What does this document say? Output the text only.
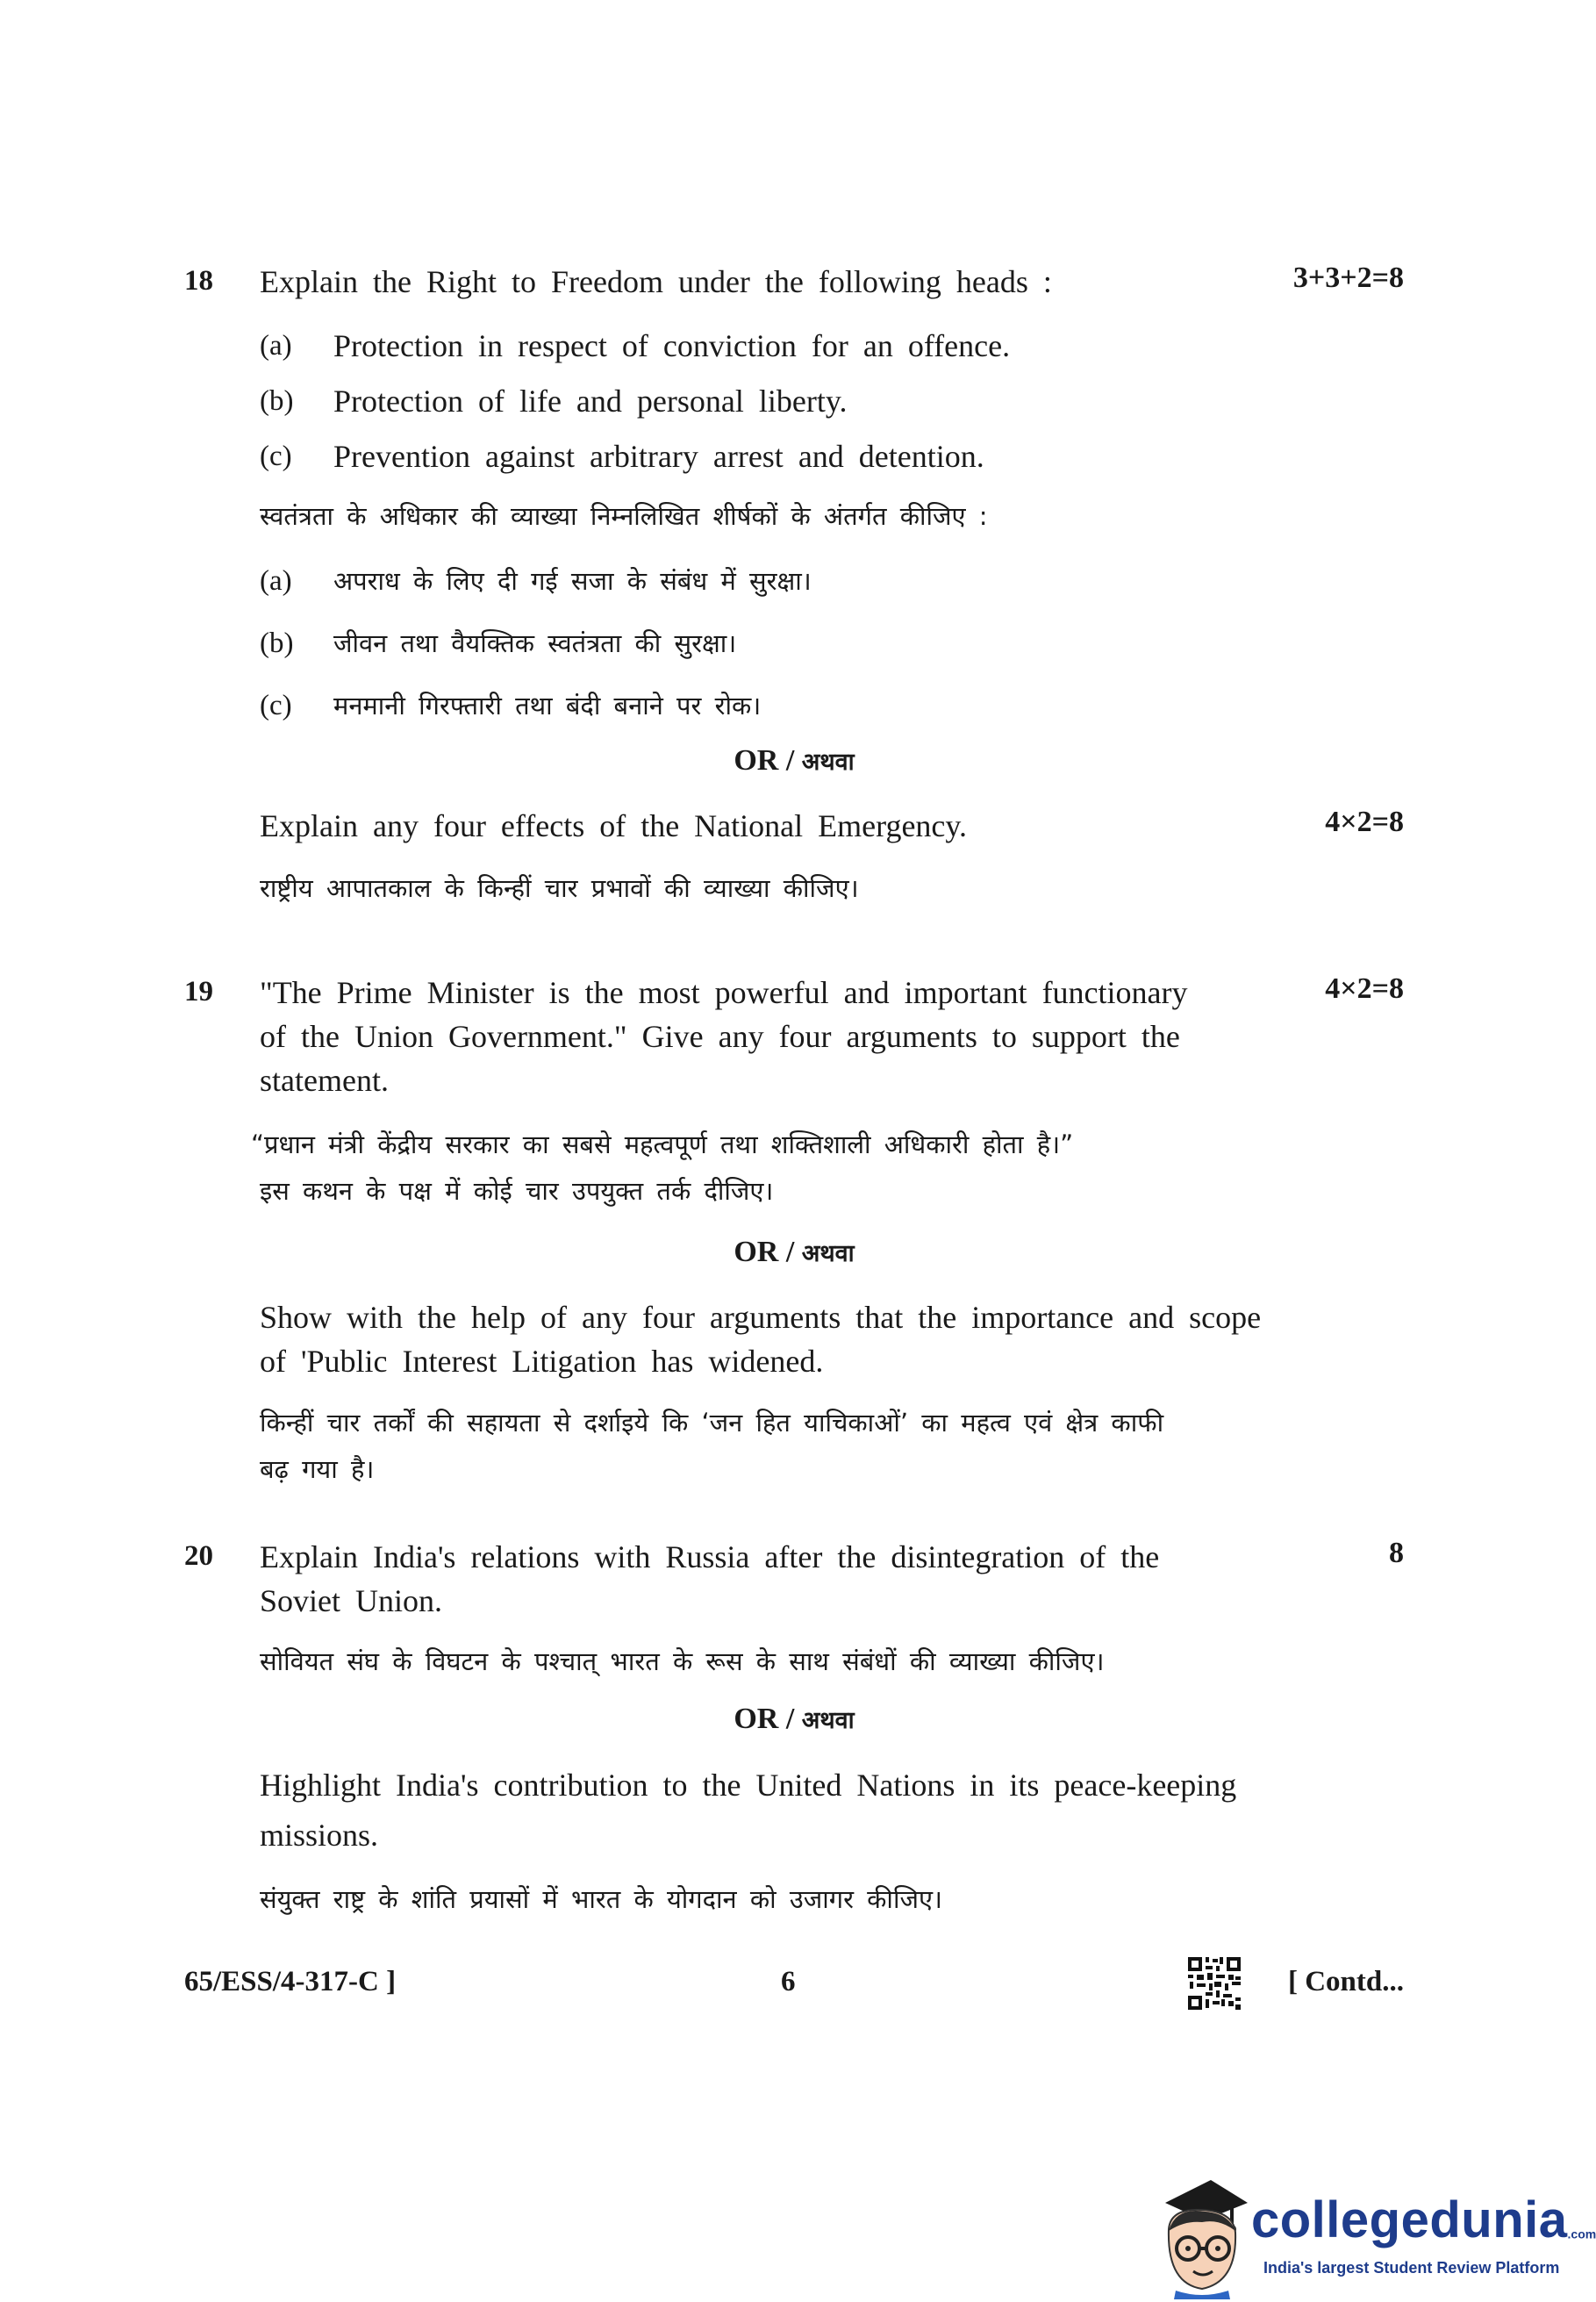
18 Explain the Right to Freedom under the following heads :	3+3+2=8
(a) Protection in respect of conviction for an offence.
(b) Protection of life and personal liberty.
(c) Prevention against arbitrary arrest and detention.
स्वतंत्रता के अधिकार की व्याख्या निम्नलिखित शीर्षकों के अंतर्गत कीजिए :
(a) अपराध के लिए दी गई सजा के संबंध में सुरक्षा।
(b) जीवन तथा वैयक्तिक स्वतंत्रता की सुरक्षा।
(c) मनमानी गिरफ्तारी तथा बंदी बनाने पर रोक।
OR / अथवा
Explain any four effects of the National Emergency.	4×2=8
राष्ट्रीय आपातकाल के किन्हीं चार प्रभावों की व्याख्या कीजिए।
19 "The Prime Minister is the most powerful and important functionary
of the Union Government." Give any four arguments to support the
statement.
4×2=8
“प्रधान मंत्री केंद्रीय सरकार का सबसे महत्वपूर्ण तथा शक्तिशाली अधिकारी होता है।”
इस कथन के पक्ष में कोई चार उपयुक्त तर्क दीजिए।
OR / अथवा
Show with the help of any four arguments that the importance and scope
of 'Public Interest Litigation has widened.
किन्हीं चार तर्कों की सहायता से दर्शाइये कि ‘जन हित याचिकाओं’ का महत्व एवं क्षेत्र काफी
बढ़ गया है।
20 Explain India's relations with Russia after the disintegration of the
Soviet Union.
8
सोवियत संघ के विघटन के पश्चात् भारत के रूस के साथ संबंधों की व्याख्या कीजिए।
OR / अथवा
Highlight India's contribution to the United Nations in its peace-keeping
missions.
संयुक्त राष्ट्र के शांति प्रयासों में भारत के योगदान को उजागर कीजिए।
65/ESS/4-317-C ]	6	[ Contd...
collegedunia.com
India's largest Student Review Platform
